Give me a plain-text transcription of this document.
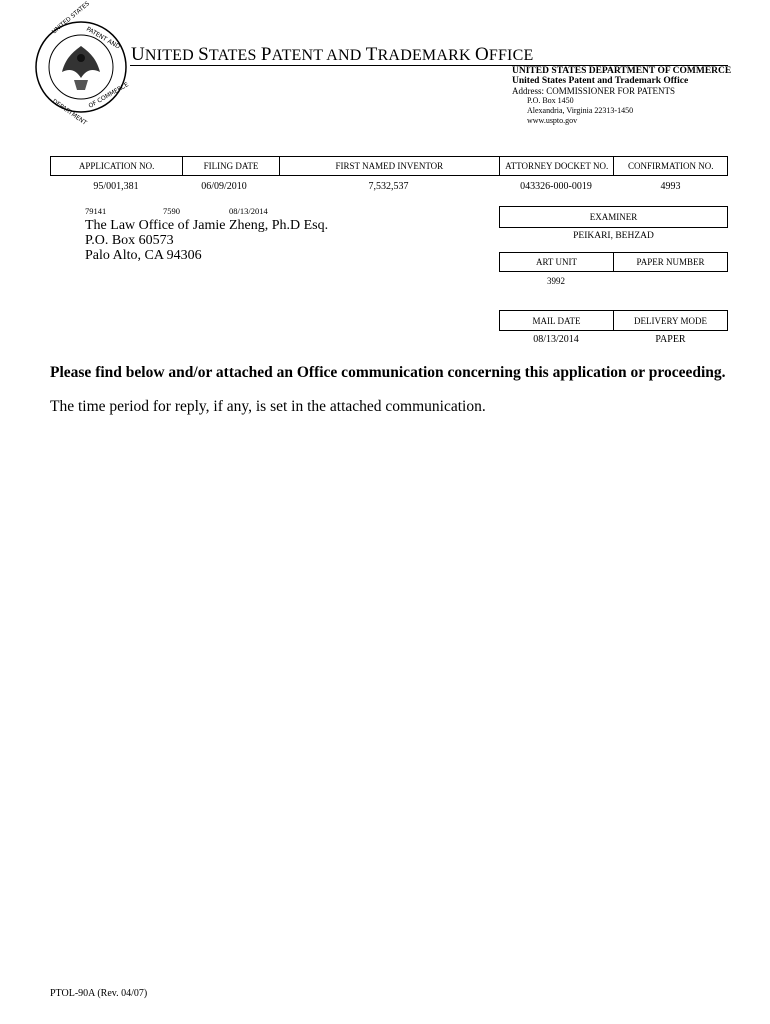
UNITED STATES
PATENT AND
DEPARTMENT
OF COMMERCE
UNITED STATES PATENT AND TRADEMARK OFFICE
UNITED STATES DEPARTMENT OF COMMERCE
United States Patent and Trademark Office
Address: COMMISSIONER FOR PATENTS
P.O. Box 1450
Alexandria, Virginia 22313-1450
www.uspto.gov
APPLICATION NO.	FILING DATE	FIRST NAMED INVENTOR	ATTORNEY DOCKET NO.	CONFIRMATION NO.
95/001,381	06/09/2010	7,532,537	043326-000-0019	4993
79141	7590	08/13/2014
The Law Office of Jamie Zheng, Ph.D Esq.
P.O. Box 60573
Palo Alto, CA 94306
EXAMINER
PEIKARI, BEHZAD
ART UNIT	PAPER NUMBER
3992
MAIL DATE	DELIVERY MODE
08/13/2014	PAPER
Please find below and/or attached an Office communication concerning this application or proceeding.
The time period for reply, if any, is set in the attached communication.
PTOL-90A (Rev. 04/07)
